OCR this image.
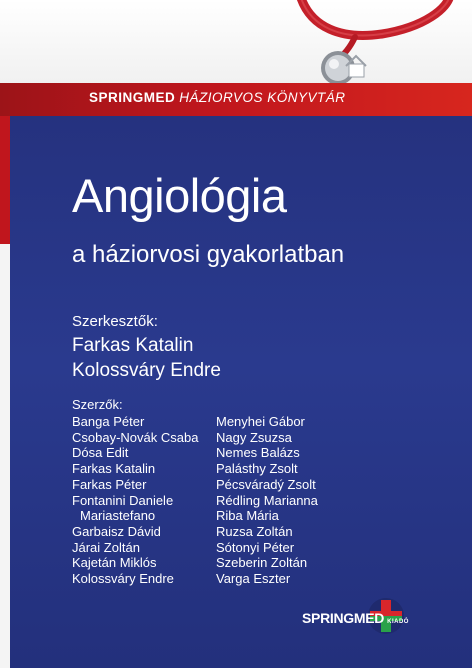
SPRINGMED HÁZIORVOS KÖNYVTÁR
Angiológia
a háziorvosi gyakorlatban
Szerkesztők:
Farkas Katalin
Kolossváry Endre
Szerzők:
Banga Péter
Csobay-Novák Csaba
Dósa Edit
Farkas Katalin
Farkas Péter
Fontanini Daniele
Mariastefano
Garbaisz Dávid
Járai Zoltán
Kajetán Miklós
Kolossváry Endre
Menyhei Gábor
Nagy Zsuzsa
Nemes Balázs
Palásthy Zsolt
Pécsváradý Zsolt
Rédling Marianna
Riba Mária
Ruzsa Zoltán
Sótonyi Péter
Szeberin Zoltán
Varga Eszter
SPRINGMED KIADÓ
